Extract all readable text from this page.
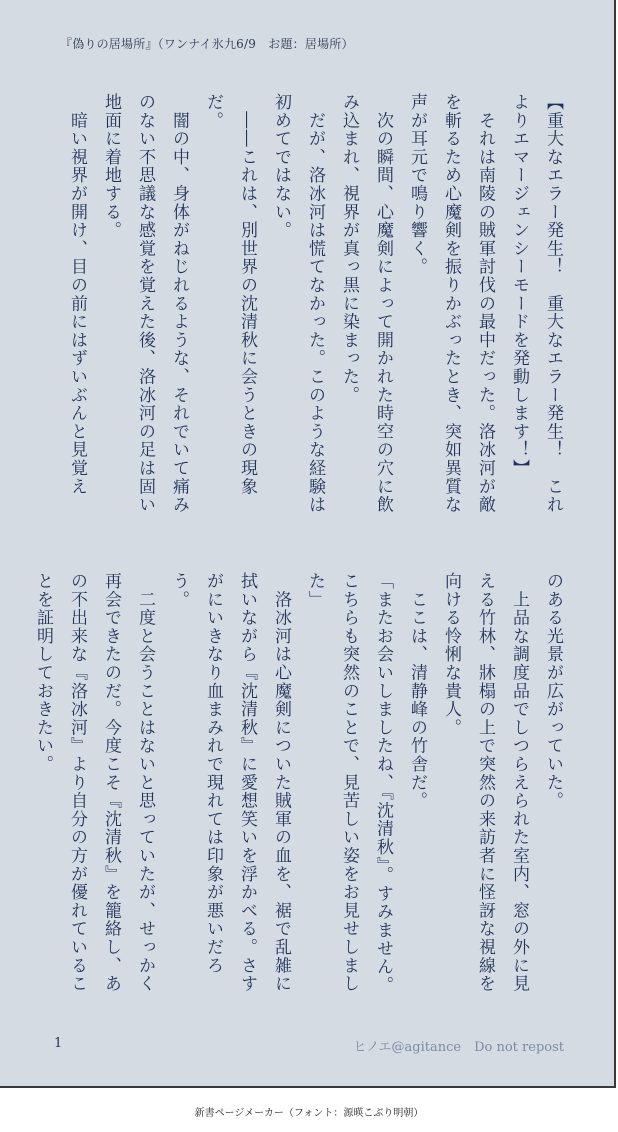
『偽りの居場所』（ワンナイ氷九6/9　お題：居場所）

【重大なエラー発生！　重大なエラー発生！　これよりエマージェンシーモードを発動します！】

　それは南陵の賊軍討伐の最中だった。洛冰河が敵を斬るため心魔剣を振りかぶったとき、突如異質な声が耳元で鳴り響く。

　次の瞬間、心魔剣によって開かれた時空の穴に飲み込まれ、視界が真っ黒に染まった。

　だが、洛冰河は慌てなかった。このような経験は初めてではない。

　――これは、別世界の沈清秋に会うときの現象だ。

　闇の中、身体がねじれるような、それでいて痛みのない不思議な感覚を覚えた後、洛冰河の足は固い地面に着地する。

　暗い視界が開け、目の前にはずいぶんと見覚え

のある光景が広がっていた。

　上品な調度品でしつらえられた室内、窓の外に見える竹林、牀榻の上で突然の来訪者に怪訝な視線を向ける怜悧な貴人。

　ここは、清静峰の竹舎だ。

「またお会いしましたね、『沈清秋』。すみません。こちらも突然のことで、見苦しい姿をお見せしました」

　洛冰河は心魔剣についた賊軍の血を、裾で乱雑に拭いながら『沈清秋』に愛想笑いを浮かべる。さすがにいきなり血まみれで現れては印象が悪いだろう。

　二度と会うことはないと思っていたが、せっかく再会できたのだ。今度こそ『沈清秋』を籠絡し、あの不出来な『洛冰河』より自分の方が優れていることを証明しておきたい。

1	ヒノエ@agitance　Do not repost
新書ページメーカー（フォント：源暎こぶり明朝）
